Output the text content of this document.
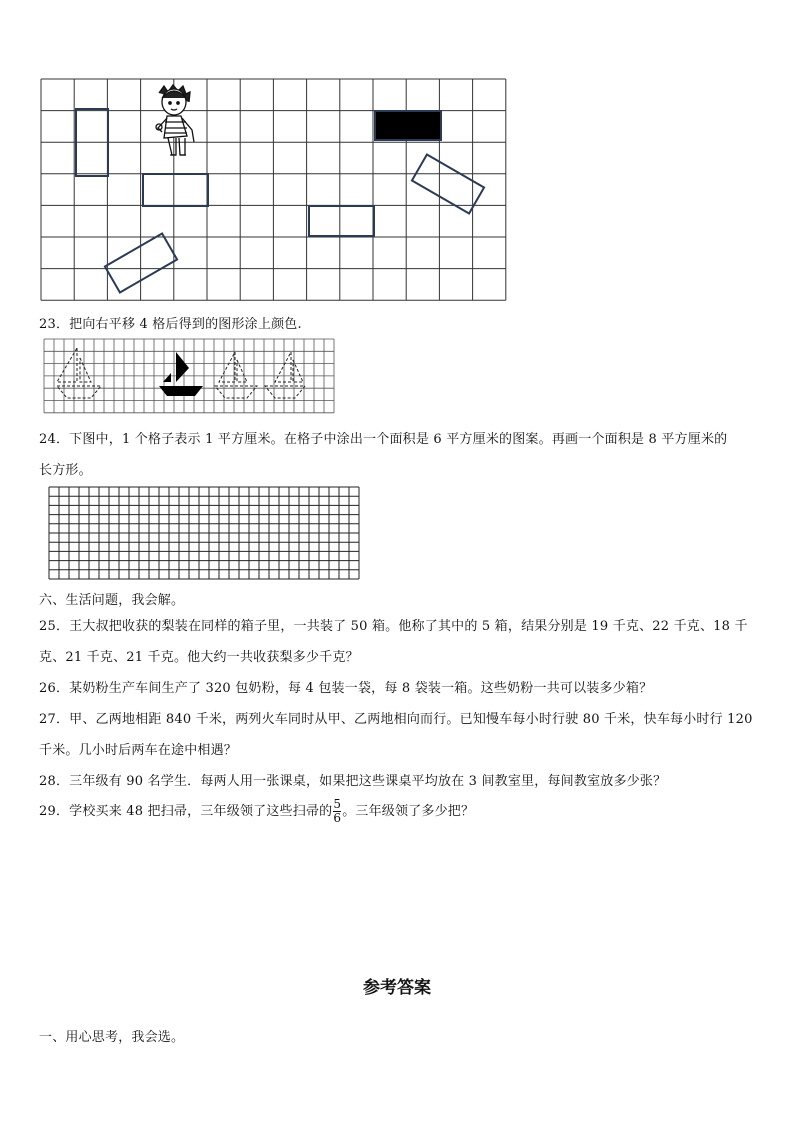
23．把向右平移 4 格后得到的图形涂上颜色.
24．下图中，1 个格子表示 1 平方厘米。在格子中涂出一个面积是 6 平方厘米的图案。再画一个面积是 8 平方厘米的
长方形。
六、生活问题，我会解。
25．王大叔把收获的梨装在同样的箱子里，一共装了 50 箱。他称了其中的 5 箱，结果分别是 19 千克、22 千克、18 千
克、21 千克、21 千克。他大约一共收获梨多少千克？
26．某奶粉生产车间生产了 320 包奶粉，每 4 包装一袋，每 8 袋装一箱。这些奶粉一共可以装多少箱？
27．甲、乙两地相距 840 千米，两列火车同时从甲、乙两地相向而行。已知慢车每小时行驶 80 千米，快车每小时行 120
千米。几小时后两车在途中相遇？
28．三年级有 90 名学生．每两人用一张课桌，如果把这些课桌平均放在 3 间教室里，每间教室放多少张？
29．学校买来 48 把扫帚，三年级领了这些扫帚的 $\frac{5}{6}$ 。三年级领了多少把？
参考答案
一、用心思考，我会选。
